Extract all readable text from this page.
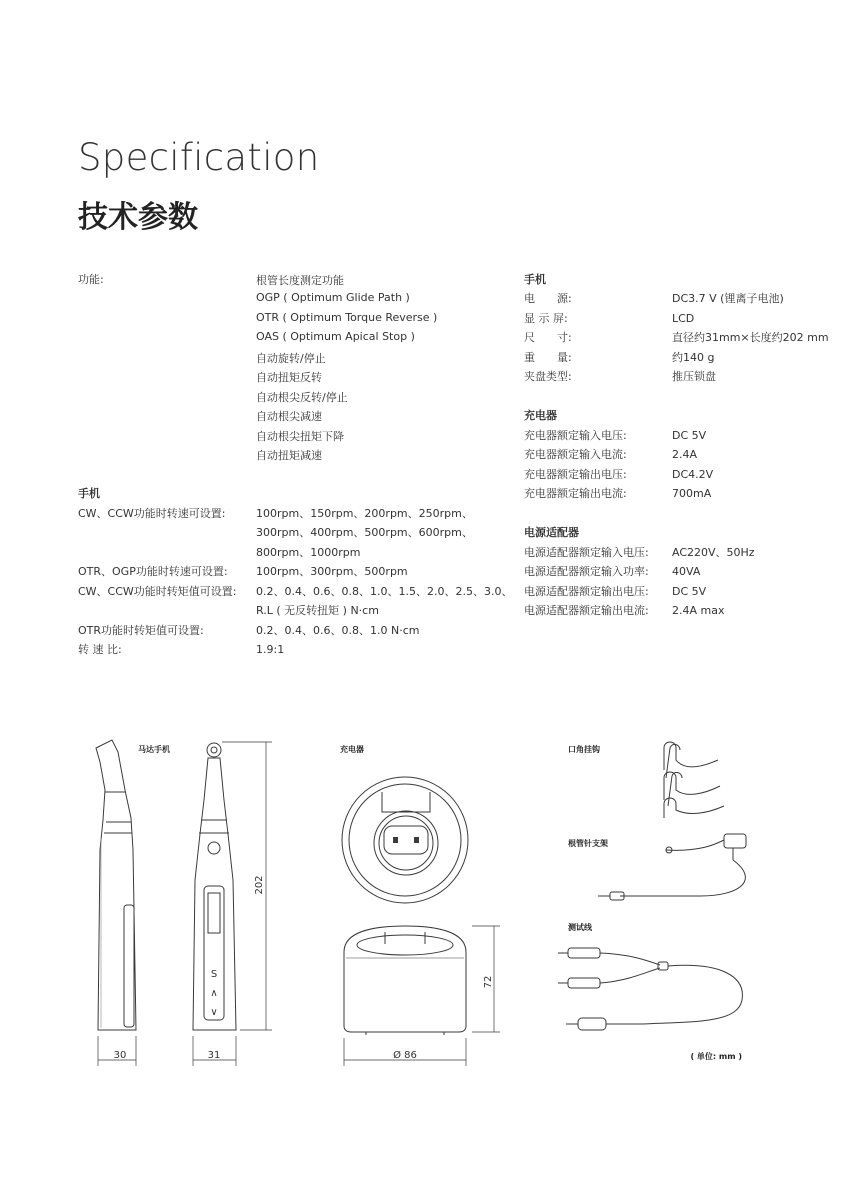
Specification
技术参数
功能:	根管长度测定功能
OGP ( Optimum Glide Path )
OTR ( Optimum Torque Reverse )
OAS ( Optimum Apical Stop )
自动旋转/停止
自动扭矩反转
自动根尖反转/停止
自动根尖减速
自动根尖扭矩下降
自动扭矩减速
手机
CW、CCW功能时转速可设置:	100rpm、150rpm、200rpm、250rpm、
300rpm、400rpm、500rpm、600rpm、
800rpm、1000rpm
OTR、OGP功能时转速可设置:	100rpm、300rpm、500rpm
CW、CCW功能时转矩值可设置: 0.2、0.4、0.6、0.8、1.0、1.5、2.0、2.5、3.0、
R.L ( 无反转扭矩 ) N·cm
OTR功能时转矩值可设置:	0.2、0.4、0.6、0.8、1.0 N·cm
转 速 比:	1.9:1
手机
电　　源:	DC3.7 V (锂离子电池)
显 示 屏:	LCD
尺　　寸:	直径约31mm×长度约202 mm
重　　量:	约140 g
夹盘类型:	推压锁盘
充电器
充电器额定输入电压:	DC 5V
充电器额定输入电流:	2.4A
充电器额定输出电压:	DC4.2V
充电器额定输出电流:	700mA
电源适配器
电源适配器额定输入电压: AC220V、50Hz
电源适配器额定输入功率: 40VA
电源适配器额定输出电压: DC 5V
电源适配器额定输出电流: 2.4A max
S
∧
∨
202
30	31
72
Ø 86
马达手机	充电器	口角挂钩
根管针支架
测试线
( 单位: mm )
